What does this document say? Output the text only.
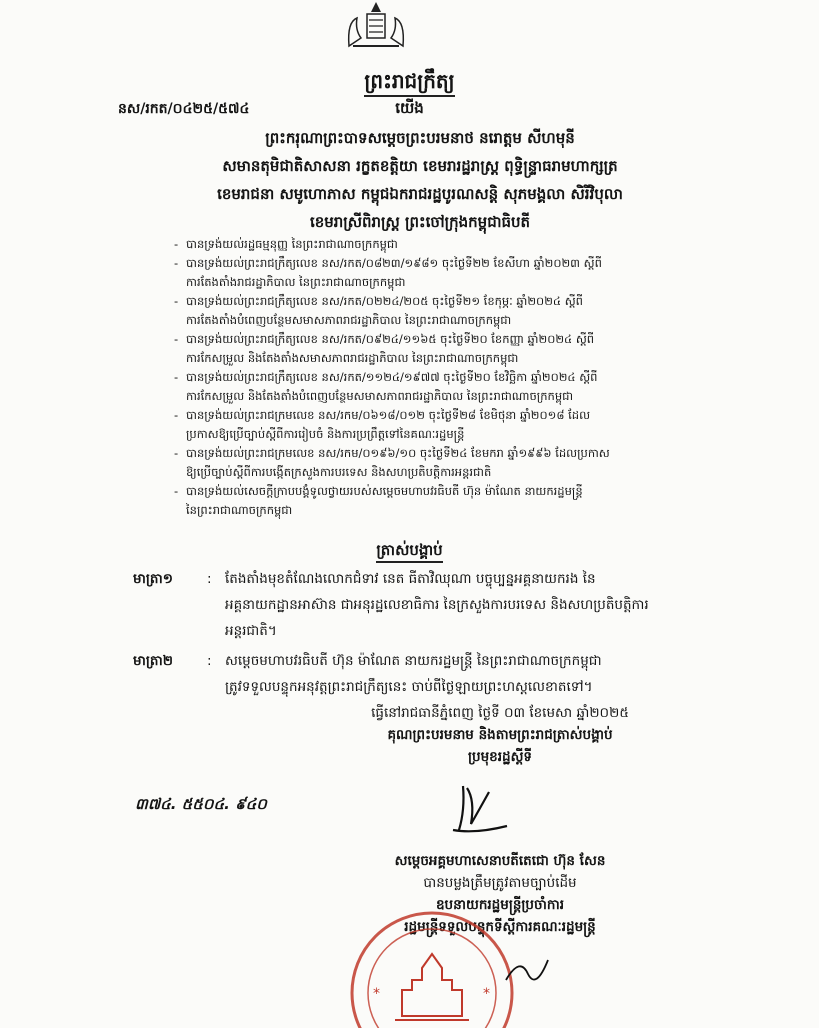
ព្រះរាជក្រឹត្យ
នស/រកត/០៤២៥/៥៧៤	យើង
ព្រះករុណាព្រះបាទសម្តេចព្រះបរមនាថ នរោត្តម សីហមុនី
សមានតុមិជាតិសាសនា រក្ខតខត្តិយា ខេមរារដ្ឋរាស្ត្រ ពុទ្ធិន្ទ្រាធរាមហាក្សត្រ
ខេមរាជនា សមូហោភាស កម្ពុជឯករាជរដ្ឋបូរណសន្តិ សុភមង្គលា សិរីវិបុលា
ខេមរាស្រីពិរាស្ត្រ ព្រះចៅក្រុងកម្ពុជាធិបតី
- បានទ្រង់យល់រដ្ឋធម្មនុញ្ញ នៃព្រះរាជាណាចក្រកម្ពុជា
- បានទ្រង់យល់ព្រះរាជក្រឹត្យលេខ នស/រកត/០៨២៣/១៩៨១ ចុះថ្ងៃទី២២ ខែសីហា ឆ្នាំ២០២៣ ស្តីពី
ការតែងតាំងរាជរដ្ឋាភិបាល នៃព្រះរាជាណាចក្រកម្ពុជា
- បានទ្រង់យល់ព្រះរាជក្រឹត្យលេខ នស/រកត/០២២៤/២០៥ ចុះថ្ងៃទី២១ ខែកុម្ភៈ ឆ្នាំ២០២៤ ស្តីពី
ការតែងតាំងបំពេញបន្ថែមសមាសភាពរាជរដ្ឋាភិបាល នៃព្រះរាជាណាចក្រកម្ពុជា
- បានទ្រង់យល់ព្រះរាជក្រឹត្យលេខ នស/រកត/០៩២៤/១១៦៥ ចុះថ្ងៃទី២០ ខែកញ្ញា ឆ្នាំ២០២៤ ស្តីពី
ការកែសម្រួល និងតែងតាំងសមាសភាពរាជរដ្ឋាភិបាល នៃព្រះរាជាណាចក្រកម្ពុជា
- បានទ្រង់យល់ព្រះរាជក្រឹត្យលេខ នស/រកត/១១២៤/១៩៧៧ ចុះថ្ងៃទី២០ ខែវិច្ឆិកា ឆ្នាំ២០២៤ ស្តីពី
ការកែសម្រួល និងតែងតាំងបំពេញបន្ថែមសមាសភាពរាជរដ្ឋាភិបាល នៃព្រះរាជាណាចក្រកម្ពុជា
- បានទ្រង់យល់ព្រះរាជក្រមលេខ នស/រកម/០៦១៨/០១២ ចុះថ្ងៃទី២៨ ខែមិថុនា ឆ្នាំ២០១៨ ដែល
ប្រកាសឱ្យប្រើច្បាប់ស្តីពីការរៀបចំ និងការប្រព្រឹត្តទៅនៃគណៈរដ្ឋមន្ត្រី
- បានទ្រង់យល់ព្រះរាជក្រមលេខ នស/រកម/០១៩៦/១០ ចុះថ្ងៃទី២៤ ខែមករា ឆ្នាំ១៩៩៦ ដែលប្រកាស
ឱ្យប្រើច្បាប់ស្តីពីការបង្កើតក្រសួងការបរទេស និងសហប្រតិបត្តិការអន្តរជាតិ
- បានទ្រង់យល់សេចក្តីក្រាបបង្គំទូលថ្វាយរបស់សម្តេចមហាបវរធិបតី ហ៊ុន ម៉ាណែត នាយករដ្ឋមន្ត្រី
នៃព្រះរាជាណាចក្រកម្ពុជា
ត្រាស់បង្គាប់
មាត្រា១	: តែងតាំងមុខតំណែងលោកជំទាវ នេត ធីតាវិឈុណា បច្ចុប្បន្នអគ្គនាយករង នៃ
អគ្គនាយកដ្ឋានអាស៊ាន ជាអនុរដ្ឋលេខាធិការ នៃក្រសួងការបរទេស និងសហប្រតិបត្តិការ
អន្តរជាតិ។
មាត្រា២	: សម្តេចមហាបវរធិបតី ហ៊ុន ម៉ាណែត នាយករដ្ឋមន្ត្រី នៃព្រះរាជាណាចក្រកម្ពុជា
ត្រូវទទួលបន្ទុកអនុវត្តព្រះរាជក្រឹត្យនេះ ចាប់ពីថ្ងៃឡាយព្រះហស្តលេខាតទៅ។
ធ្វើនៅរាជធានីភ្នំពេញ ថ្ងៃទី ០៣ ខែមេសា ឆ្នាំ២០២៥
គុណព្រះបរមនាម និងតាមព្រះរាជត្រាស់បង្គាប់
ប្រមុខរដ្ឋស្តីទី
៣៧៤. ៥៥០៤. ៩៤០
សម្តេចអគ្គមហាសេនាបតីតេជោ ហ៊ុន សែន
បានបម្លងត្រឹមត្រូវតាមច្បាប់ដើម
ឧបនាយករដ្ឋមន្ត្រីប្រចាំការ
រដ្ឋមន្ត្រីទទួលបន្ទុកទីស្តីការគណៈរដ្ឋមន្ត្រី
*	*
